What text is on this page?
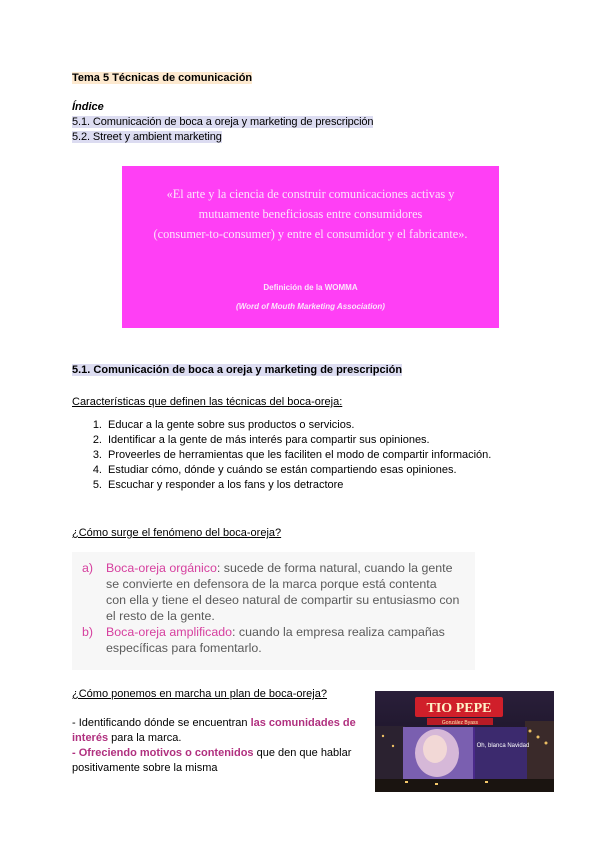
Tema 5 Técnicas de comunicación
Índice
5.1. Comunicación de boca a oreja y marketing de prescripción
5.2. Street y ambient marketing
«El arte y la ciencia de construir comunicaciones activas y
mutuamente beneficiosas entre consumidores
(consumer-to-consumer) y entre el consumidor y el fabricante».
Definición de la WOMMA
(Word of Mouth Marketing Association)
5.1. Comunicación de boca a oreja y marketing de prescripción
Características que definen las técnicas del boca-oreja:
1. Educar a la gente sobre sus productos o servicios.
2. Identificar a la gente de más interés para compartir sus opiniones.
3. Proveerles de herramientas que les faciliten el modo de compartir información.
4. Estudiar cómo, dónde y cuándo se están compartiendo esas opiniones.
5. Escuchar y responder a los fans y los detractore
¿Cómo surge el fenómeno del boca-oreja?
a) Boca-oreja orgánico: sucede de forma natural, cuando la gente se convierte en defensora de la marca porque está contenta con ella y tiene el deseo natural de compartir su entusiasmo con el resto de la gente.
b) Boca-oreja amplificado: cuando la empresa realiza campañas específicas para fomentarlo.
¿Cómo ponemos en marcha un plan de boca-oreja?
- Identificando dónde se encuentran las comunidades de interés para la marca.
- Ofreciendo motivos o contenidos que den que hablar positivamente sobre la misma
TIO PEPE
González Byass
Oh, blanca Navidad
